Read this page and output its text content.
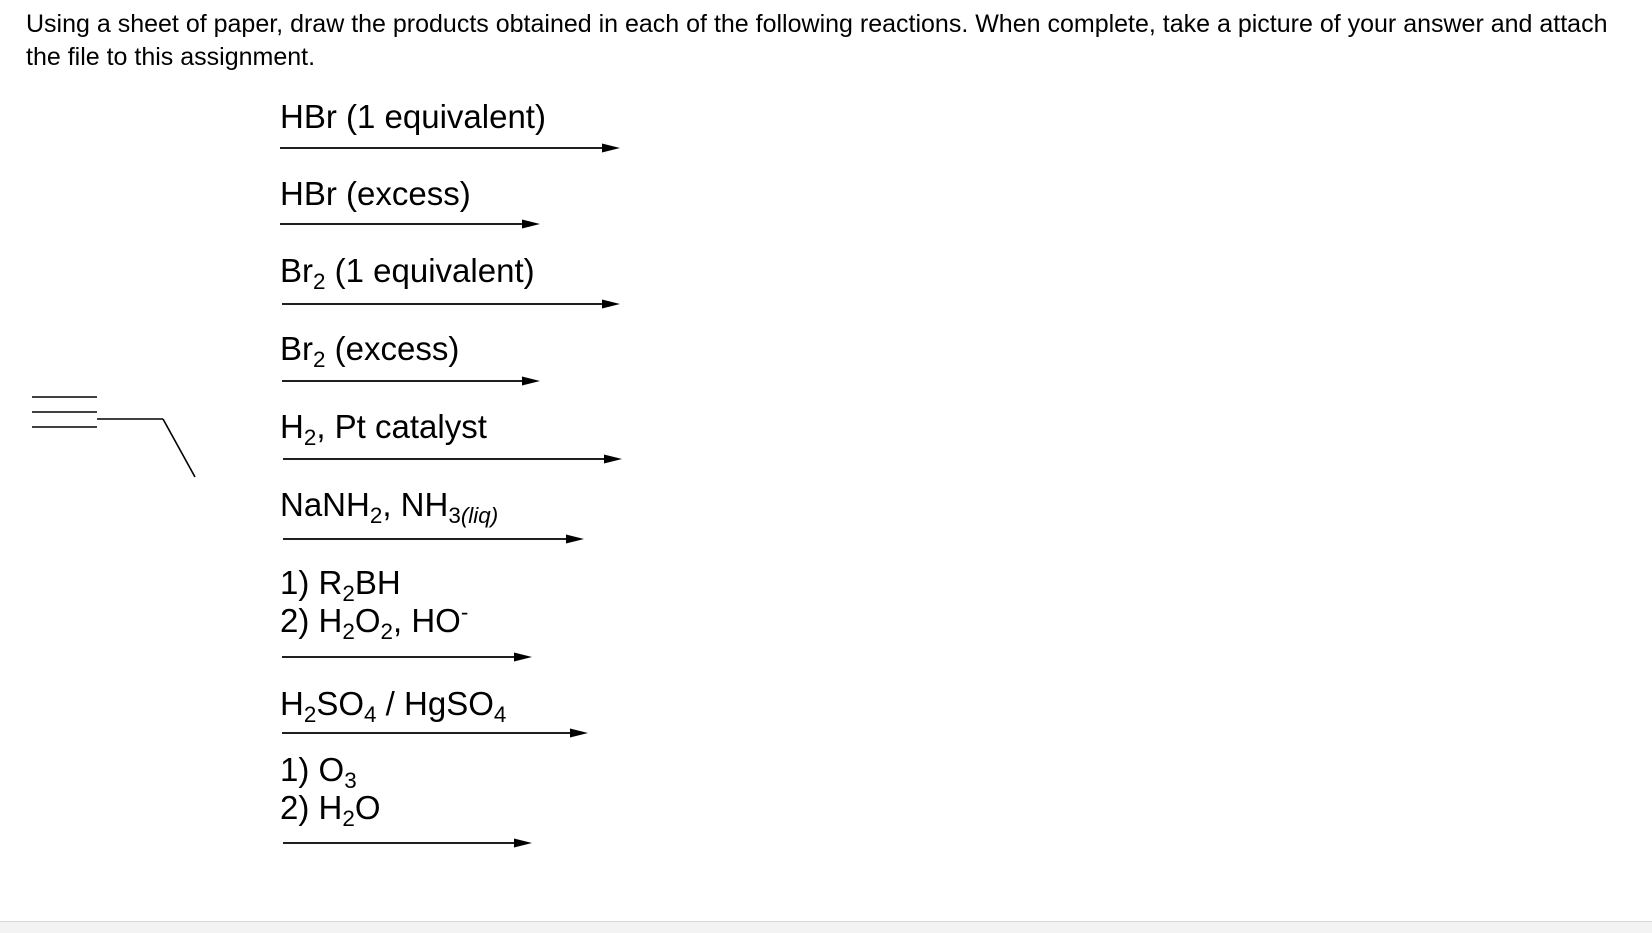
Using a sheet of paper, draw the products obtained in each of the following reactions. When complete, take a picture of your answer and attach the file to this assignment.

HBr (1 equivalent)
HBr (excess)
$Br_2$ (1 equivalent)
$Br_2$ (excess)
$H_2$, Pt catalyst
NaNH$_2$, $NH_{3(liq)}$
1) $R_2BH$
2) $H_2O_2$, HO-
$H_2SO_4$ / HgSO$_4$
1) $O_3$
2) $H_2O$
